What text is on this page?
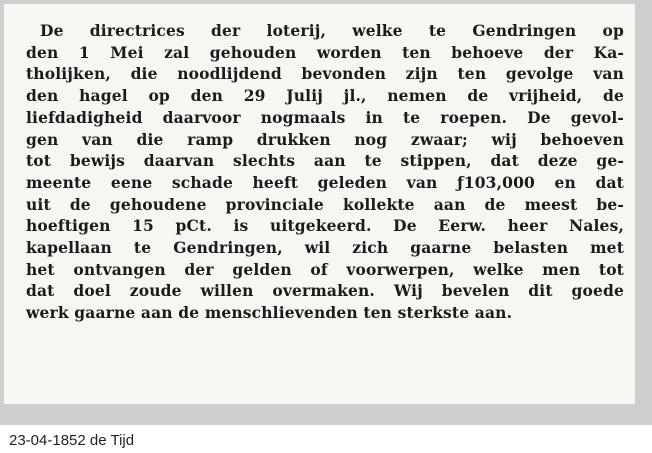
De directrices der loterij, welke te Gendringen op
den 1 Mei zal gehouden worden ten behoeve der Ka-
tholijken, die noodlijdend bevonden zijn ten gevolge van
den hagel op den 29 Julij jl., nemen de vrijheid, de
liefdadigheid daarvoor nogmaals in te roepen. De gevol-
gen van die ramp drukken nog zwaar; wij behoeven
tot bewijs daarvan slechts aan te stippen, dat deze ge-
meente eene schade heeft geleden van ƒ103,000 en dat
uit de gehoudene provinciale kollekte aan de meest be-
hoeftigen 15 pCt. is uitgekeerd. De Eerw. heer Nales,
kapellaan te Gendringen, wil zich gaarne belasten met
het ontvangen der gelden of voorwerpen, welke men tot
dat doel zoude willen overmaken. Wij bevelen dit goede
werk gaarne aan de menschlievenden ten sterkste aan.
23-04-1852 de Tijd
